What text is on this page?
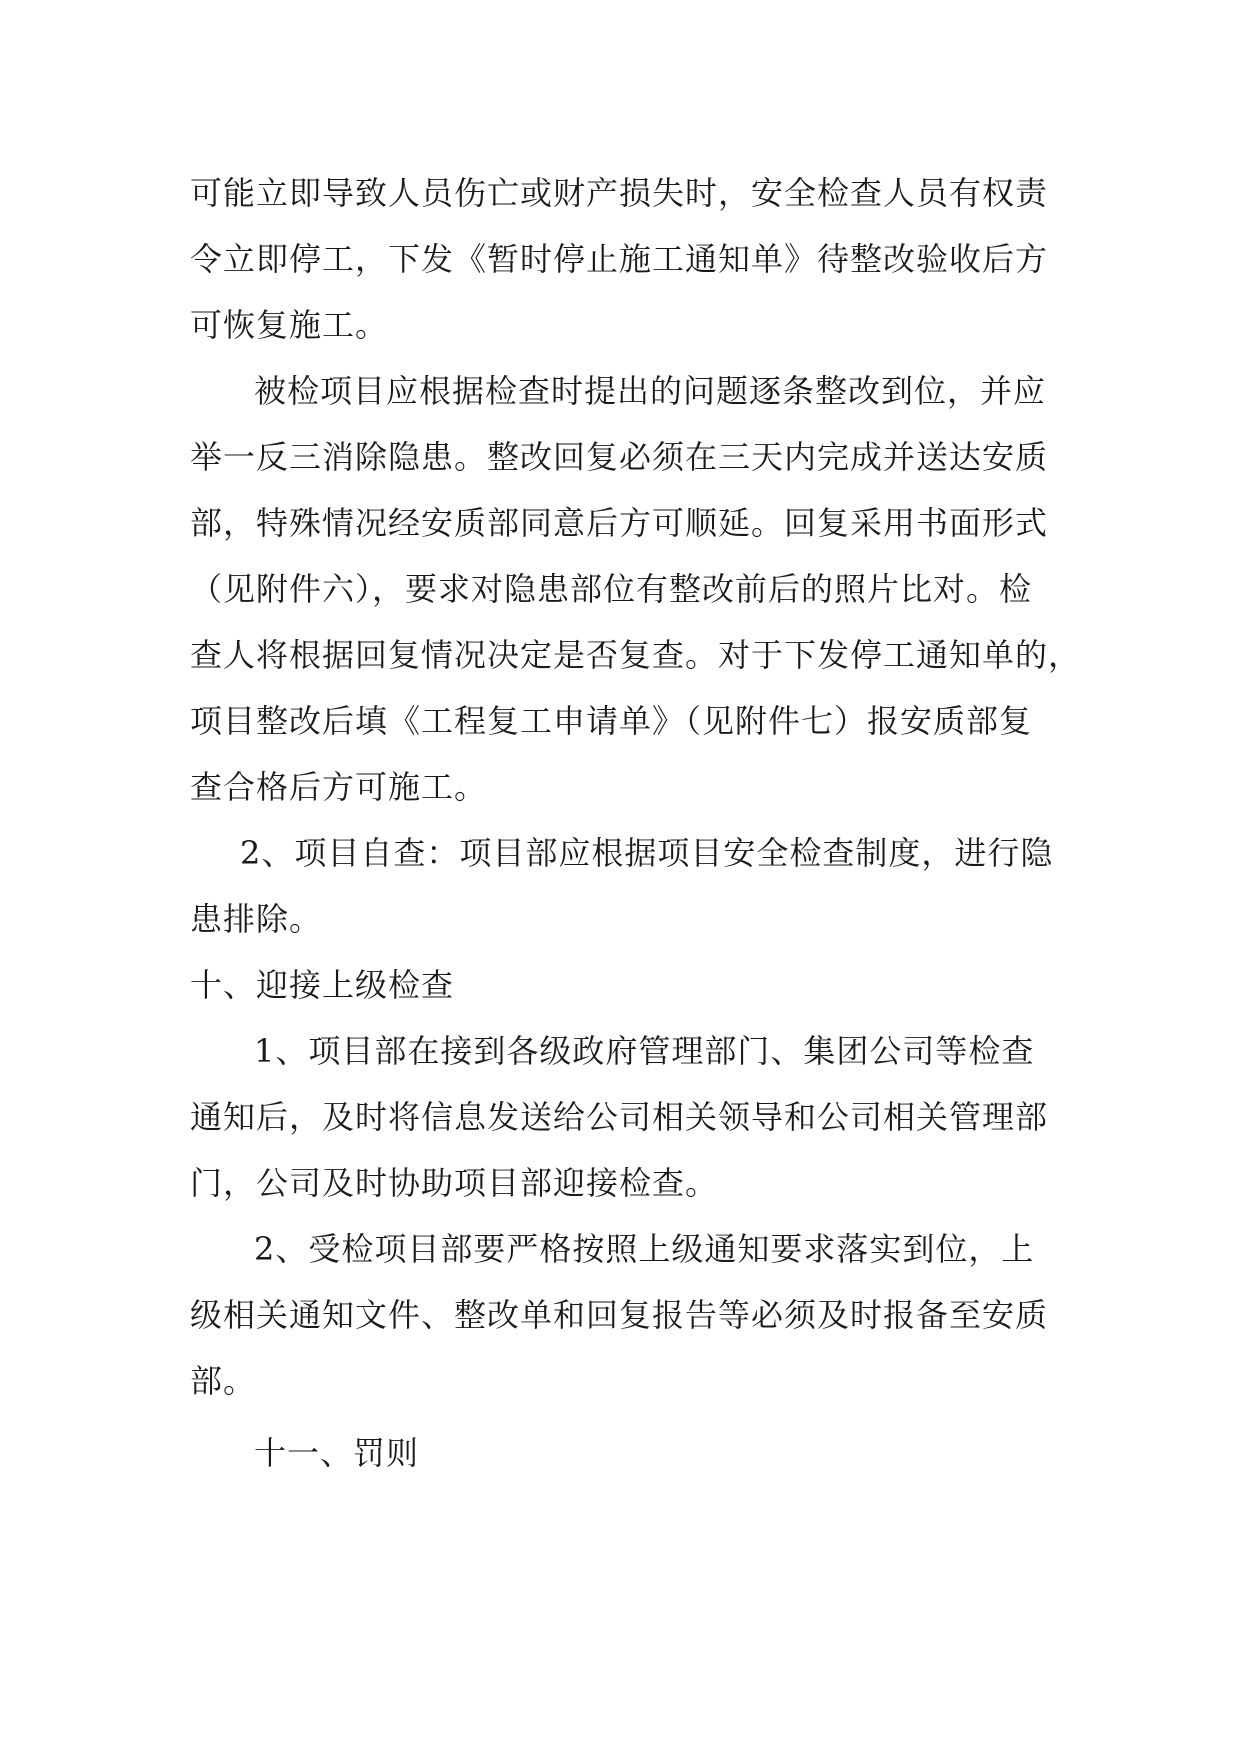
可能立即导致人员伤亡或财产损失时，安全检查人员有权责
令立即停工，下发《暂时停止施工通知单》待整改验收后方
可恢复施工。
被检项目应根据检查时提出的问题逐条整改到位，并应
举一反三消除隐患。整改回复必须在三天内完成并送达安质
部，特殊情况经安质部同意后方可顺延。回复采用书面形式
（见附件六），要求对隐患部位有整改前后的照片比对。检
查人将根据回复情况决定是否复查。对于下发停工通知单的，
项目整改后填《工程复工申请单》（见附件七）报安质部复
查合格后方可施工。
2、项目自查：项目部应根据项目安全检查制度，进行隐
患排除。
十、迎接上级检查
1、项目部在接到各级政府管理部门、集团公司等检查
通知后，及时将信息发送给公司相关领导和公司相关管理部
门，公司及时协助项目部迎接检查。
2、受检项目部要严格按照上级通知要求落实到位，上
级相关通知文件、整改单和回复报告等必须及时报备至安质
部。
十一、罚则
